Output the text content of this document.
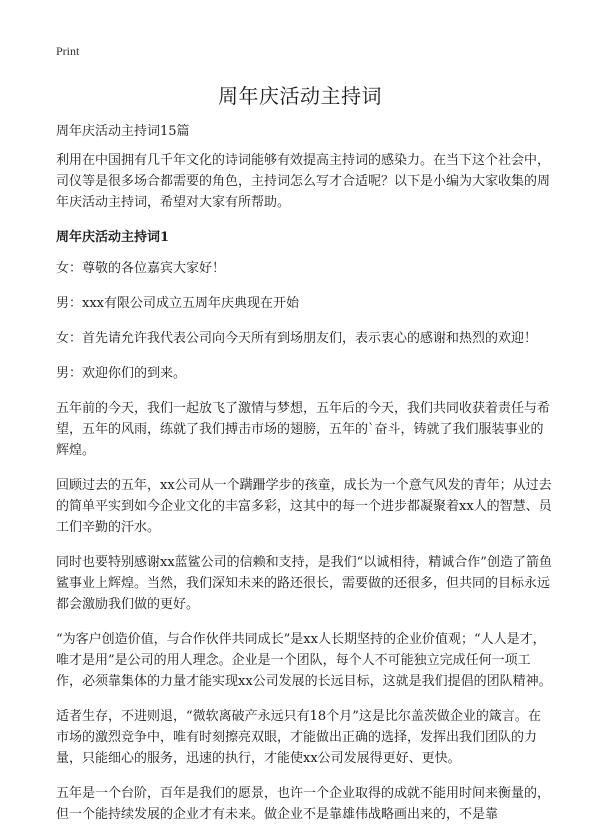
Print
周年庆活动主持词

周年庆活动主持词15篇

利用在中国拥有几千年文化的诗词能够有效提高主持词的感染力。在当下这个社会中，司仪等是很多场合都需要的角色，主持词怎么写才合适呢？以下是小编为大家收集的周年庆活动主持词，希望对大家有所帮助。

周年庆活动主持词1

女：尊敬的各位嘉宾大家好！

男：xxx有限公司成立五周年庆典现在开始

女：首先请允许我代表公司向今天所有到场朋友们，表示衷心的感谢和热烈的欢迎！

男：欢迎你们的到来。

五年前的今天，我们一起放飞了激情与梦想，五年后的今天，我们共同收获着责任与希望，五年的风雨，练就了我们搏击市场的翅膀，五年的`奋斗，铸就了我们服装事业的辉煌。

回顾过去的五年，xx公司从一个蹒跚学步的孩童，成长为一个意气风发的青年；从过去的简单平实到如今企业文化的丰富多彩，这其中的每一个进步都凝聚着xx人的智慧、员工们辛勤的汗水。

同时也要特别感谢xx蓝鲨公司的信赖和支持，是我们“以诚相待，精诚合作”创造了箭鱼鲨事业上辉煌。当然，我们深知未来的路还很长，需要做的还很多，但共同的目标永远都会激励我们做的更好。

“为客户创造价值，与合作伙伴共同成长”是xx人长期坚持的企业价值观；“人人是才，唯才是用”是公司的用人理念。企业是一个团队，每个人不可能独立完成任何一项工作，必须靠集体的力量才能实现xx公司发展的长远目标，这就是我们提倡的团队精神。

适者生存，不进则退，“微软离破产永远只有18个月”这是比尔盖茨做企业的箴言。在市场的激烈竞争中，唯有时刻擦亮双眼，才能做出正确的选择，发挥出我们团队的力量，只能细心的服务，迅速的执行，才能使xx公司发展得更好、更快。

五年是一个台阶，百年是我们的愿景，也许一个企业取得的成就不能用时间来衡量的，但一个能持续发展的企业才有未来。做企业不是靠雄伟战略画出来的，不是靠
